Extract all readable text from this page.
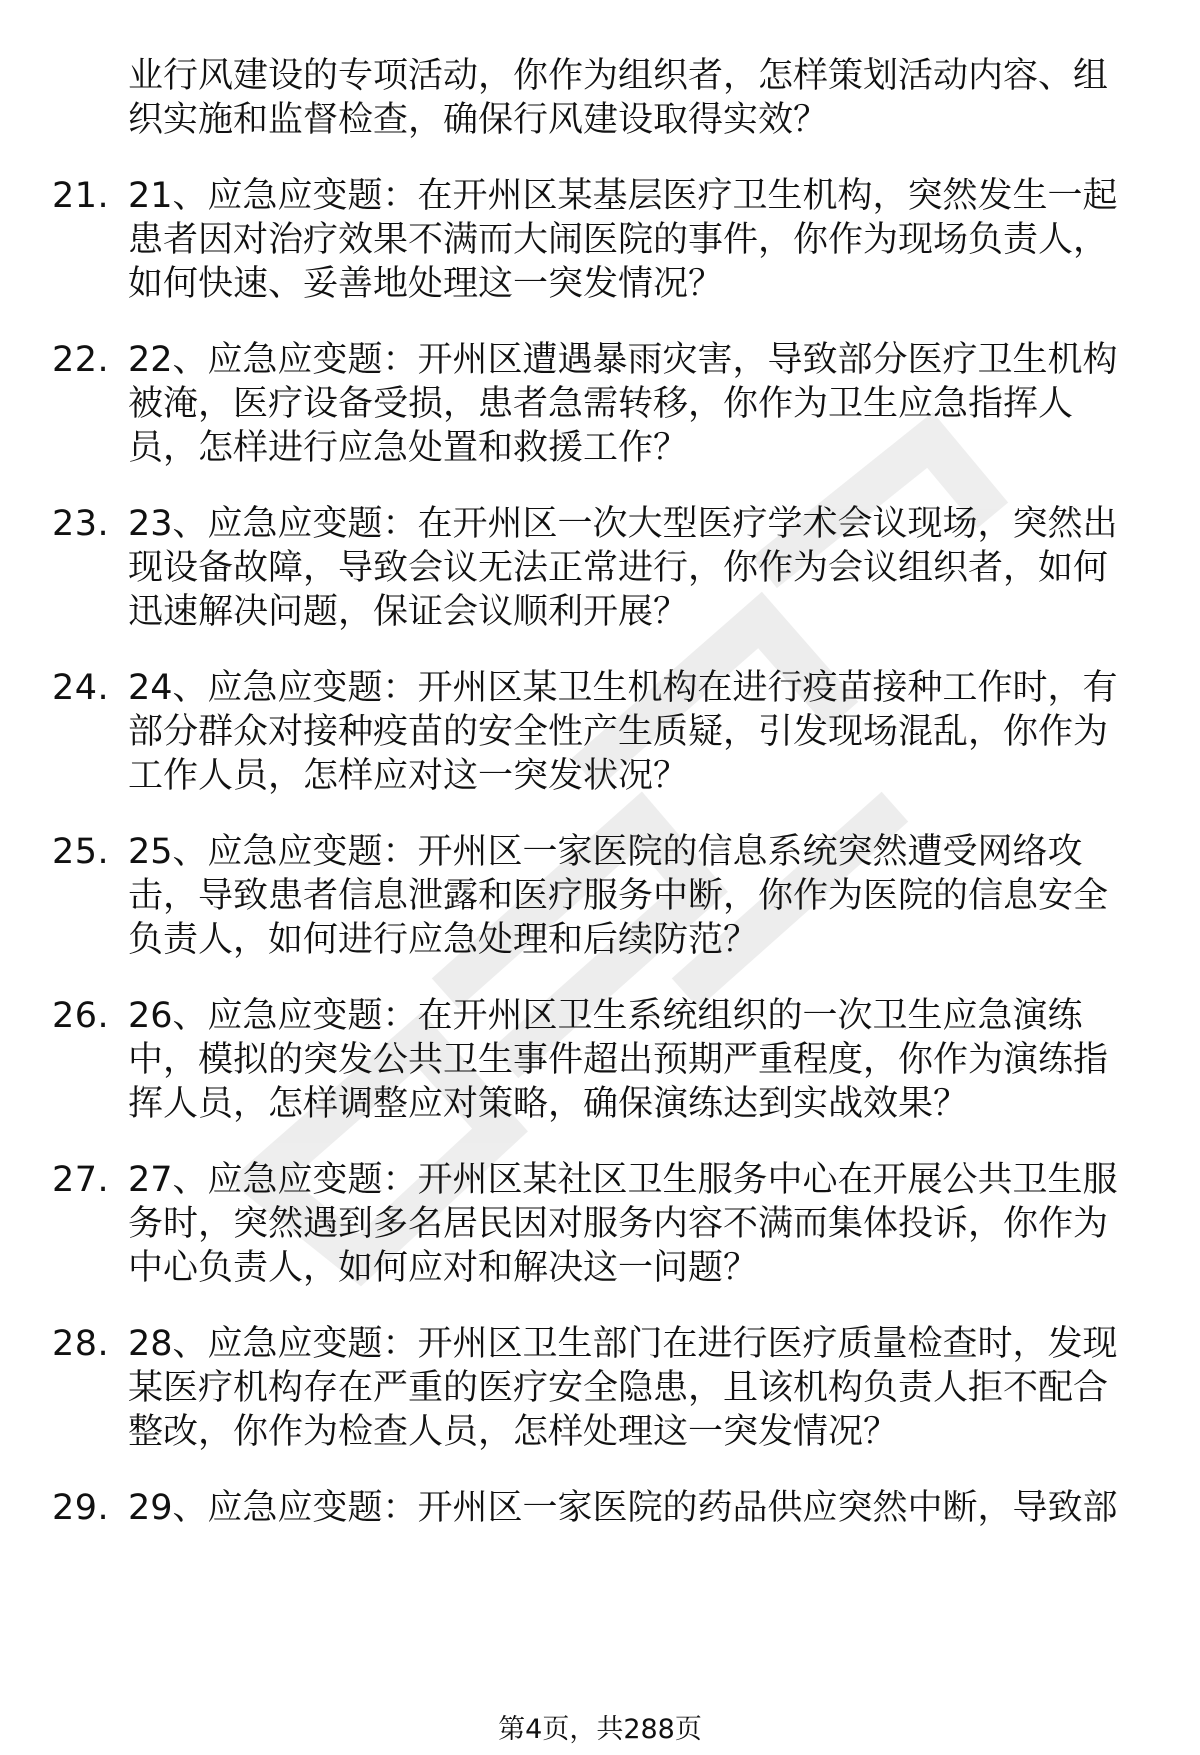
业行风建设的专项活动，你作为组织者，怎样策划活动内容、组
织实施和监督检查，确保行风建设取得实效？
21. 21、应急应变题：在开州区某基层医疗卫生机构，突然发生一起
患者因对治疗效果不满而大闹医院的事件，你作为现场负责人，
如何快速、妥善地处理这一突发情况？
22. 22、应急应变题：开州区遭遇暴雨灾害，导致部分医疗卫生机构
被淹，医疗设备受损，患者急需转移，你作为卫生应急指挥人
员，怎样进行应急处置和救援工作？
23. 23、应急应变题：在开州区一次大型医疗学术会议现场，突然出
现设备故障，导致会议无法正常进行，你作为会议组织者，如何
迅速解决问题，保证会议顺利开展？
24. 24、应急应变题：开州区某卫生机构在进行疫苗接种工作时，有
部分群众对接种疫苗的安全性产生质疑，引发现场混乱，你作为
工作人员，怎样应对这一突发状况？
25. 25、应急应变题：开州区一家医院的信息系统突然遭受网络攻
击，导致患者信息泄露和医疗服务中断，你作为医院的信息安全
负责人，如何进行应急处理和后续防范？
26. 26、应急应变题：在开州区卫生系统组织的一次卫生应急演练
中，模拟的突发公共卫生事件超出预期严重程度，你作为演练指
挥人员，怎样调整应对策略，确保演练达到实战效果？
27. 27、应急应变题：开州区某社区卫生服务中心在开展公共卫生服
务时，突然遇到多名居民因对服务内容不满而集体投诉，你作为
中心负责人，如何应对和解决这一问题？
28. 28、应急应变题：开州区卫生部门在进行医疗质量检查时，发现
某医疗机构存在严重的医疗安全隐患，且该机构负责人拒不配合
整改，你作为检查人员，怎样处理这一突发情况？
29. 29、应急应变题：开州区一家医院的药品供应突然中断，导致部
第4页，共288页
